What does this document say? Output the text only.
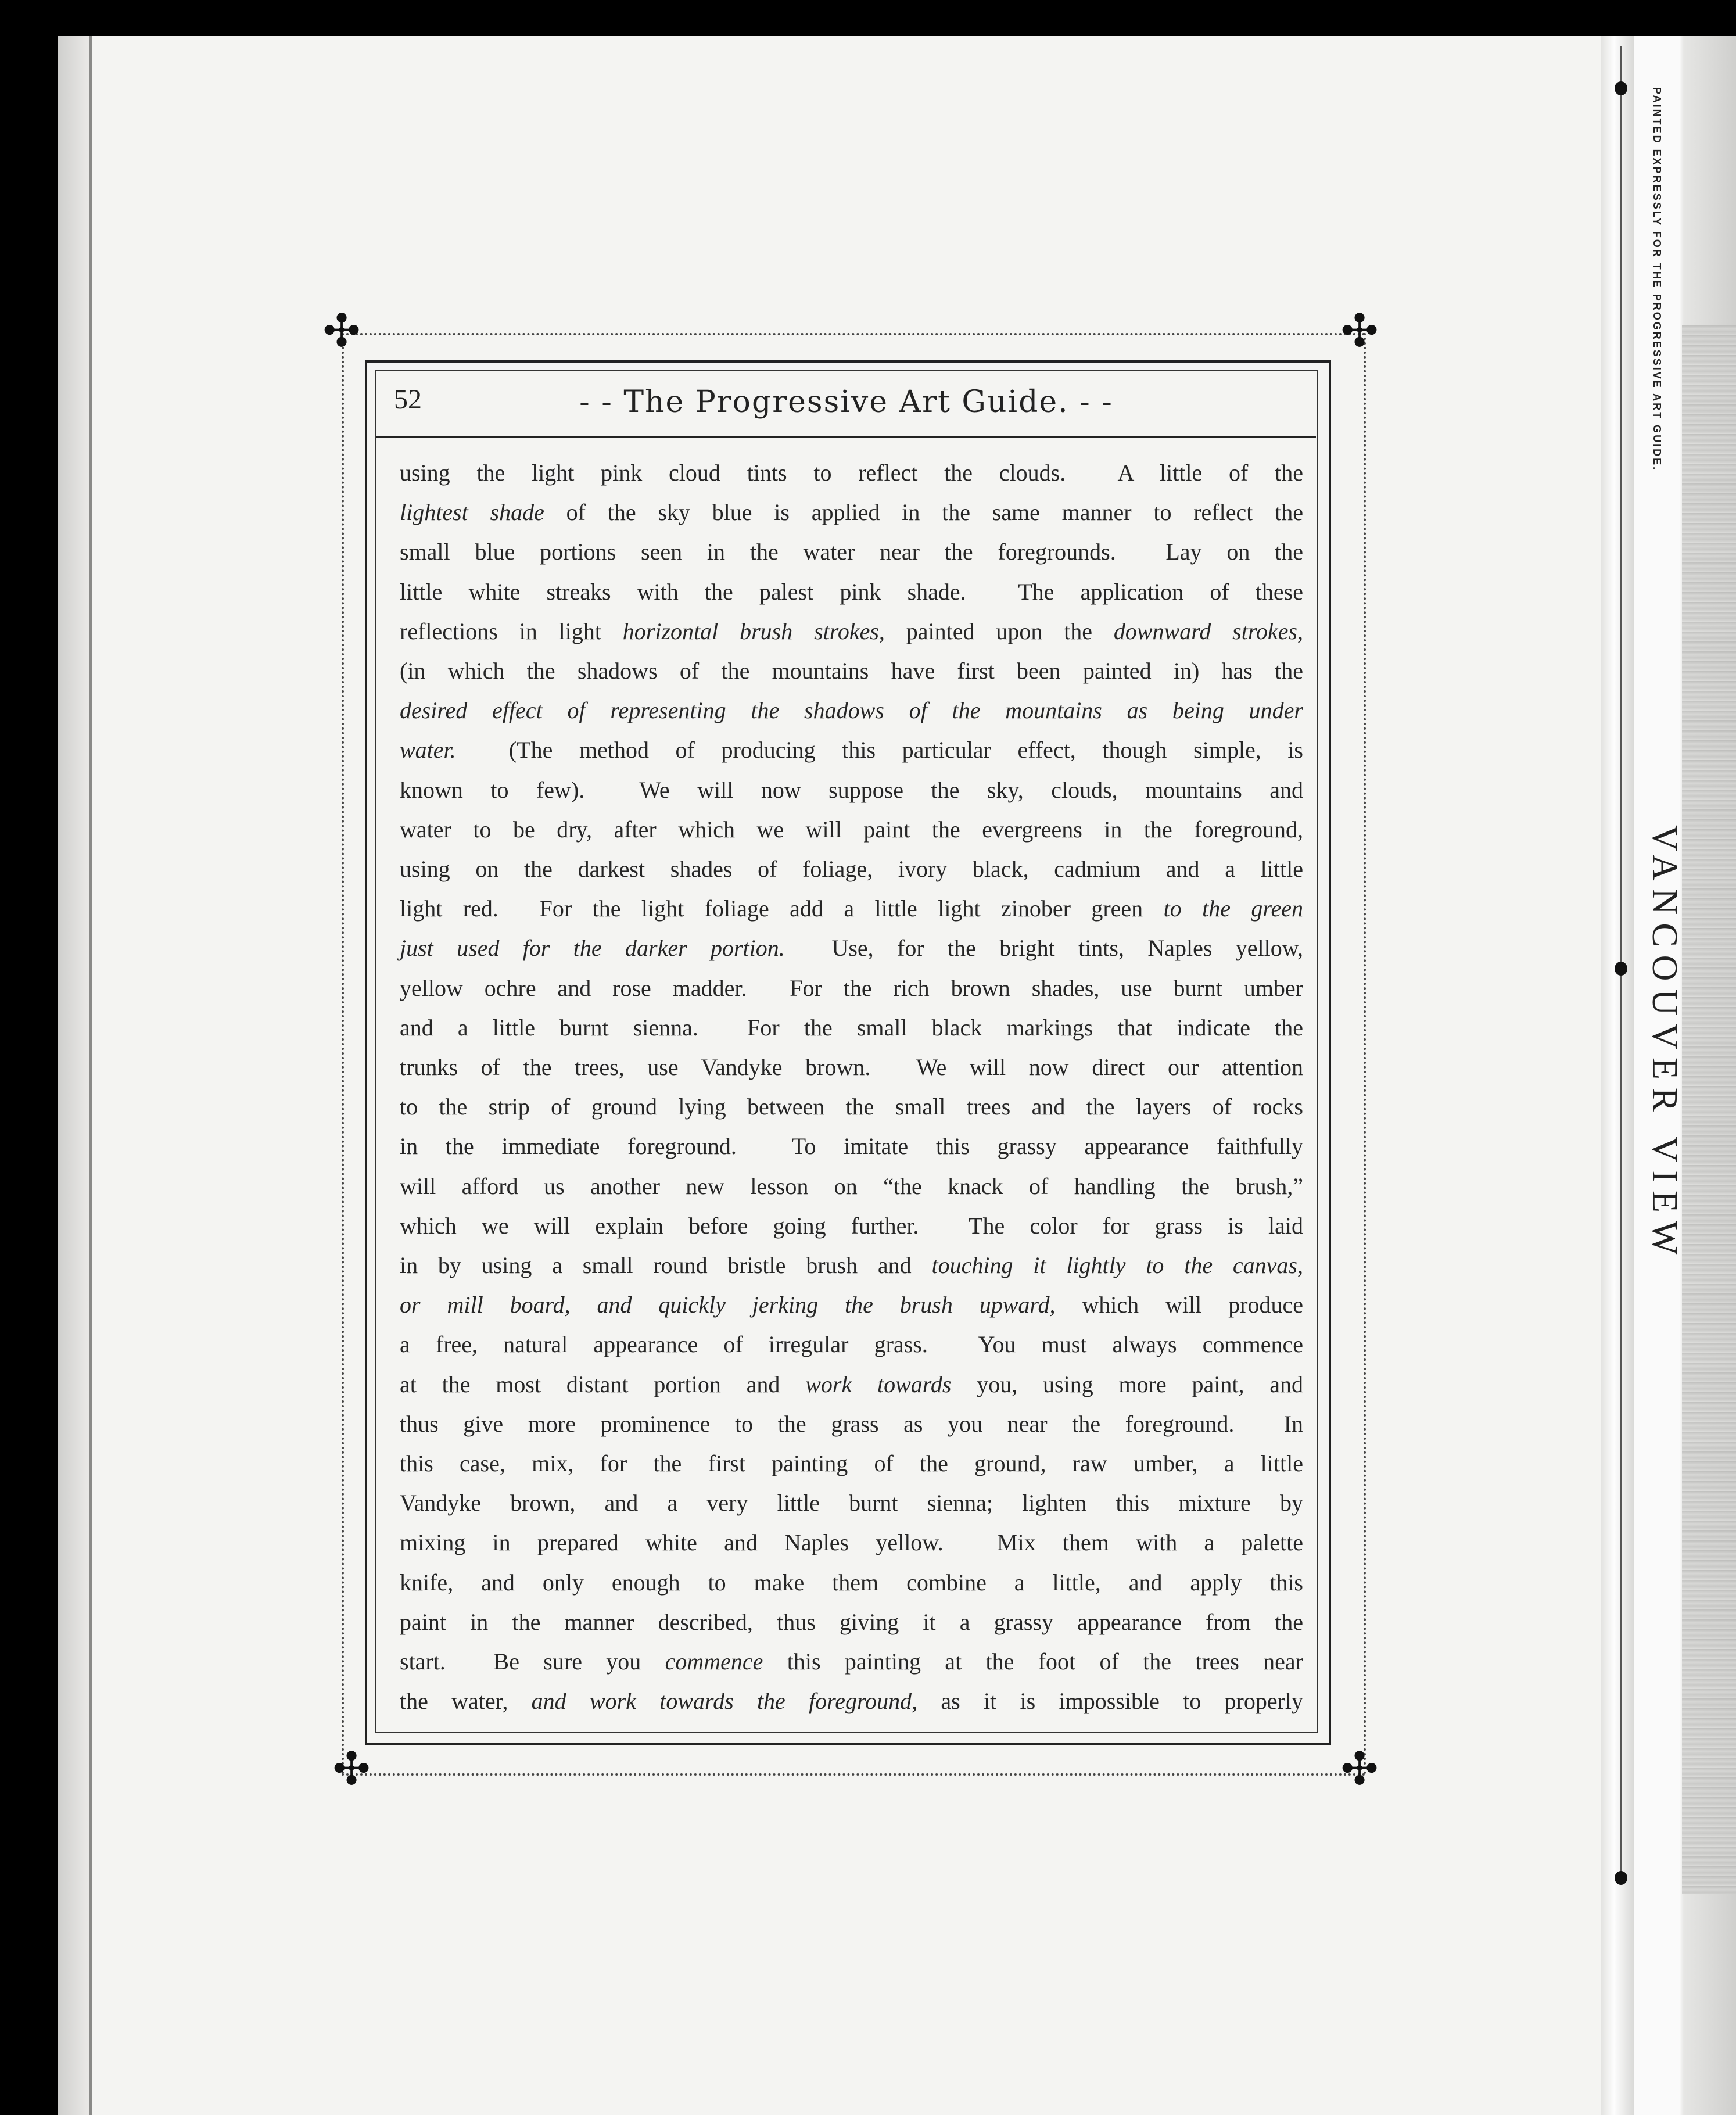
PAINTED EXPRESSLY FOR THE PROGRESSIVE ART GUIDE.
VANCOUVER VIEW
✣	✣
✣	✣
52	- - The Progressive Art Guide. - -
using the light pink cloud tints to reflect the clouds.  A little of the
lightest shade of the sky blue is applied in the same manner to reflect the
small blue portions seen in the water near the foregrounds.  Lay on the
little white streaks with the palest pink shade.  The application of these
reflections in light horizontal brush strokes, painted upon the downward strokes,
(in which the shadows of the mountains have first been painted in) has the
desired effect of representing the shadows of the mountains as being under
water.  (The method of producing this particular effect, though simple, is
known to few).  We will now suppose the sky, clouds, mountains and
water to be dry, after which we will paint the evergreens in the foreground,
using on the darkest shades of foliage, ivory black, cadmium and a little
light red.  For the light foliage add a little light zinober green to the green
just used for the darker portion.  Use, for the bright tints, Naples yellow,
yellow ochre and rose madder.  For the rich brown shades, use burnt umber
and a little burnt sienna.  For the small black markings that indicate the
trunks of the trees, use Vandyke brown.  We will now direct our attention
to the strip of ground lying between the small trees and the layers of rocks
in the immediate foreground.  To imitate this grassy appearance faithfully
will afford us another new lesson on “the knack of handling the brush,”
which we will explain before going further.  The color for grass is laid
in by using a small round bristle brush and touching it lightly to the canvas,
or mill board, and quickly jerking the brush upward, which will produce
a free, natural appearance of irregular grass.  You must always commence
at the most distant portion and work towards you, using more paint, and
thus give more prominence to the grass as you near the foreground.  In
this case, mix, for the first painting of the ground, raw umber, a little
Vandyke brown, and a very little burnt sienna; lighten this mixture by
mixing in prepared white and Naples yellow.  Mix them with a palette
knife, and only enough to make them combine a little, and apply this
paint in the manner described, thus giving it a grassy appearance from the
start.  Be sure you commence this painting at the foot of the trees near
the water, and work towards the foreground, as it is impossible to properly
